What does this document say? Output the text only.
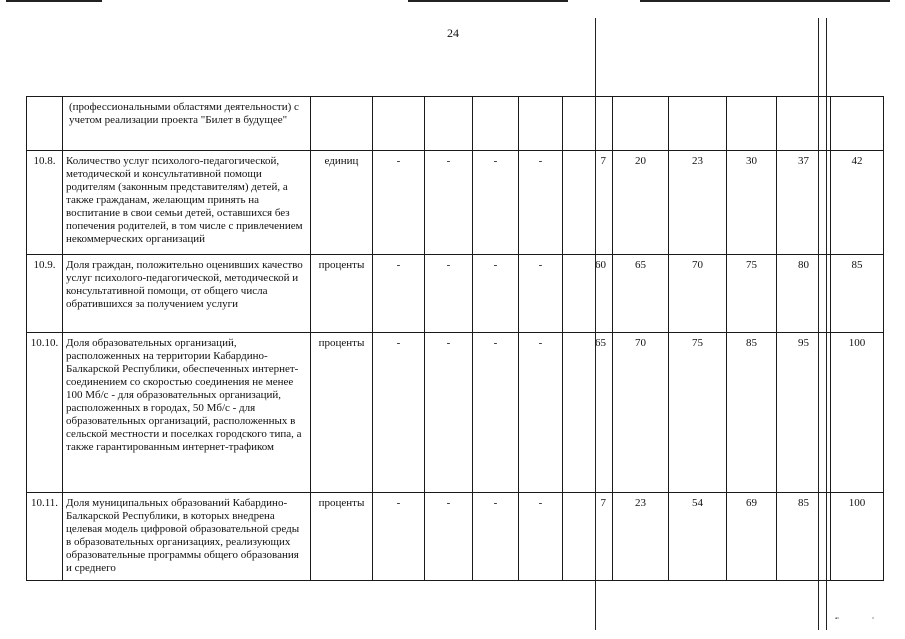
24
	(профессиональными областями деятельности) с учетом реализации проекта "Билет в будущее"											
10.8.	Количество услуг психолого-педагогической, методической и консультативной помощи родителям (законным представителям) детей, а также гражданам, желающим принять на воспитание в свои семьи детей, оставшихся без попечения родителей, в том числе с привлечением некоммерческих организаций	единиц	-	-	-	-	7	20	23	30	37	42
10.9.	Доля граждан, положительно оценивших качество услуг психолого-педагогической, методической и консультативной помощи, от общего числа обратившихся за получением услуги	проценты	-	-	-	-	60	65	70	75	80	85
10.10.	Доля образовательных организаций, расположенных на территории Кабардино-Балкарской Республики, обеспеченных интернет-соединением со скоростью соединения не менее 100 Мб/с - для образовательных организаций, расположенных в городах, 50 Мб/с - для образовательных организаций, расположенных в сельской местности и поселках городского типа, а также гарантированным интернет-трафиком	проценты	-	-	-	-	65	70	75	85	95	100
10.11.	Доля муниципальных образований Кабардино-Балкарской Республики, в которых внедрена целевая модель цифровой образовательной среды в образовательных организациях, реализующих образовательные программы общего образования и среднего	проценты	-	-	-	-	7	23	54	69	85	100
▪▫	▫
